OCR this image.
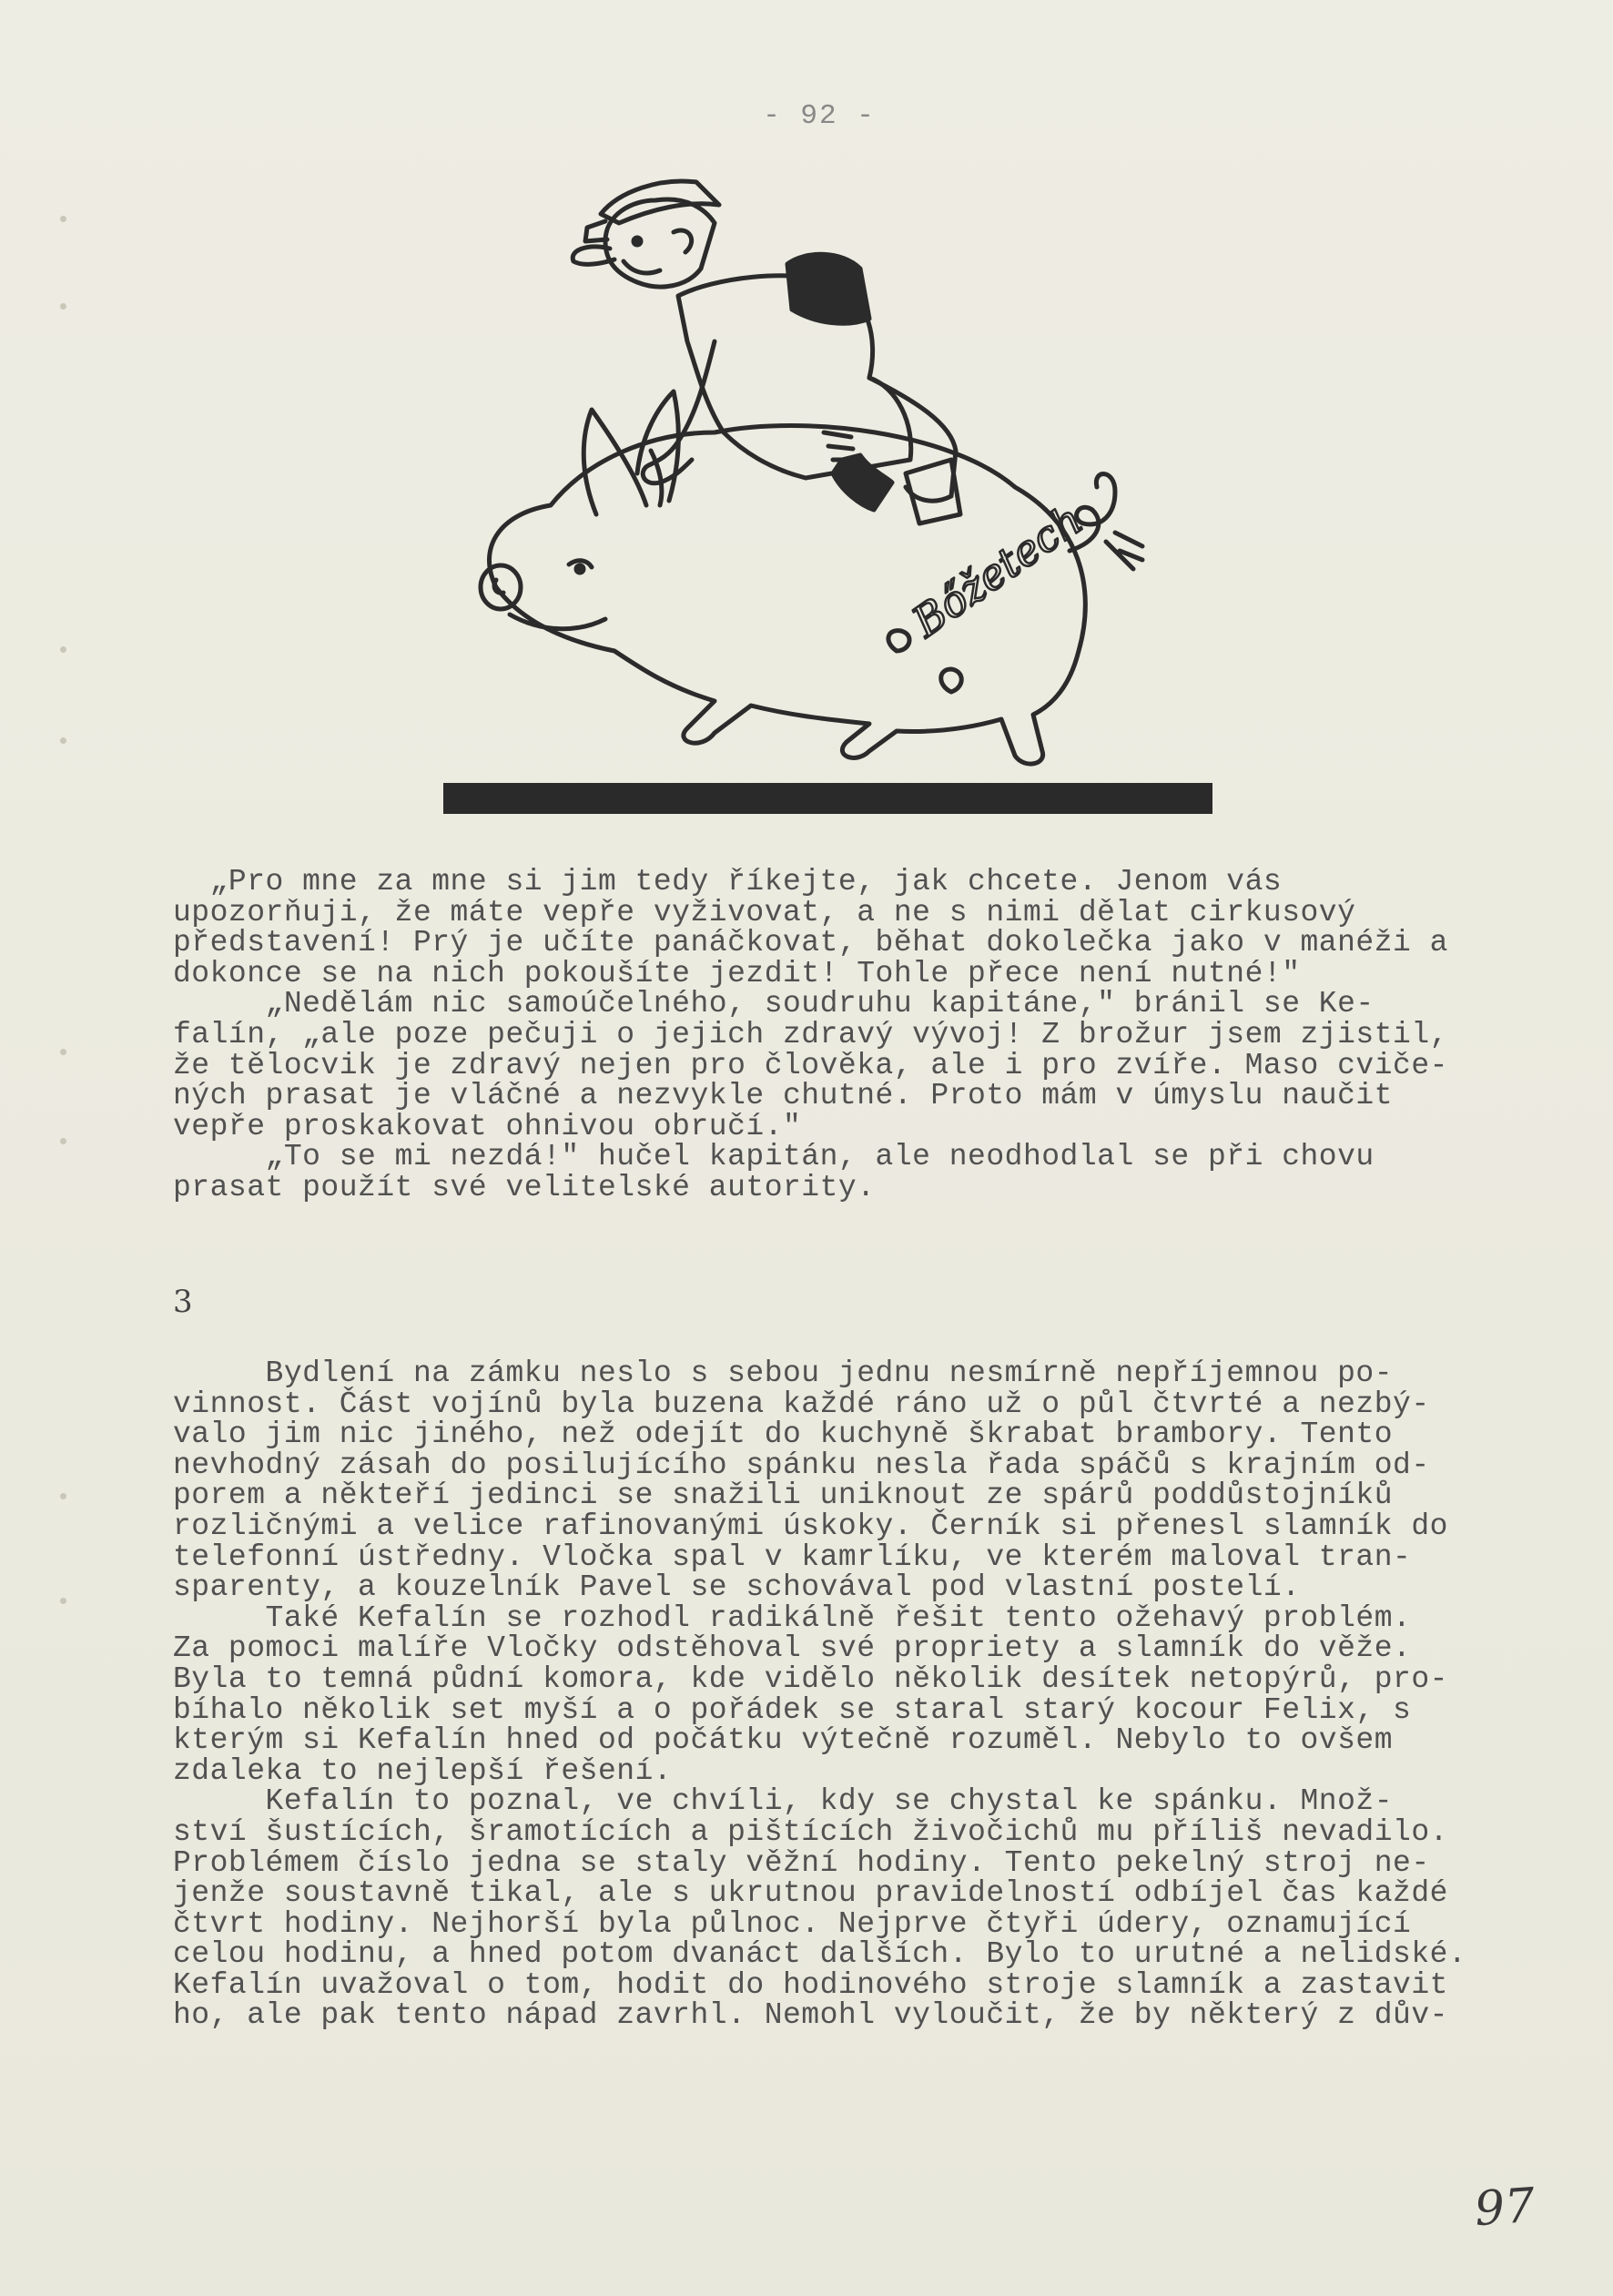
- 92 -
Bőžetech
„Pro mne za mne si jim tedy říkejte, jak chcete. Jenom vás
upozorňuji, že máte vepře vyživovat, a ne s nimi dělat cirkusový
představení! Prý je učíte panáčkovat, běhat dokolečka jako v manéži a
dokonce se na nich pokoušíte jezdit! Tohle přece není nutné!"
„Nedělám nic samoúčelného, soudruhu kapitáne," bránil se Ke-
falín, „ale poze pečuji o jejich zdravý vývoj! Z brožur jsem zjistil,
že tělocvik je zdravý nejen pro člověka, ale i pro zvíře. Maso cviče-
ných prasat je vláčné a nezvykle chutné. Proto mám v úmyslu naučit
vepře proskakovat ohnivou obručí."
„To se mi nezdá!" hučel kapitán, ale neodhodlal se při chovu
prasat použít své velitelské autority.
3
Bydlení na zámku neslo s sebou jednu nesmírně nepříjemnou po-
vinnost. Část vojínů byla buzena každé ráno už o půl čtvrté a nezbý-
valo jim nic jiného, než odejít do kuchyně škrabat brambory. Tento
nevhodný zásah do posilujícího spánku nesla řada spáčů s krajním od-
porem a někteří jedinci se snažili uniknout ze spárů poddůstojníků
rozličnými a velice rafinovanými úskoky. Černík si přenesl slamník do
telefonní ústředny. Vločka spal v kamrlíku, ve kterém maloval tran-
sparenty, a kouzelník Pavel se schovával pod vlastní postelí.
Také Kefalín se rozhodl radikálně řešit tento ožehavý problém.
Za pomoci malíře Vločky odstěhoval své propriety a slamník do věže.
Byla to temná půdní komora, kde vidělo několik desítek netopýrů, pro-
bíhalo několik set myší a o pořádek se staral starý kocour Felix, s
kterým si Kefalín hned od počátku výtečně rozuměl. Nebylo to ovšem
zdaleka to nejlepší řešení.
Kefalín to poznal, ve chvíli, kdy se chystal ke spánku. Množ-
ství šustících, šramotících a pištících živočichů mu příliš nevadilo.
Problémem číslo jedna se staly věžní hodiny. Tento pekelný stroj ne-
jenže soustavně tikal, ale s ukrutnou pravidelností odbíjel čas každé
čtvrt hodiny. Nejhorší byla půlnoc. Nejprve čtyři údery, oznamující
celou hodinu, a hned potom dvanáct dalších. Bylo to urutné a nelidské.
Kefalín uvažoval o tom, hodit do hodinového stroje slamník a zastavit
ho, ale pak tento nápad zavrhl. Nemohl vyloučit, že by některý z dův-
97
